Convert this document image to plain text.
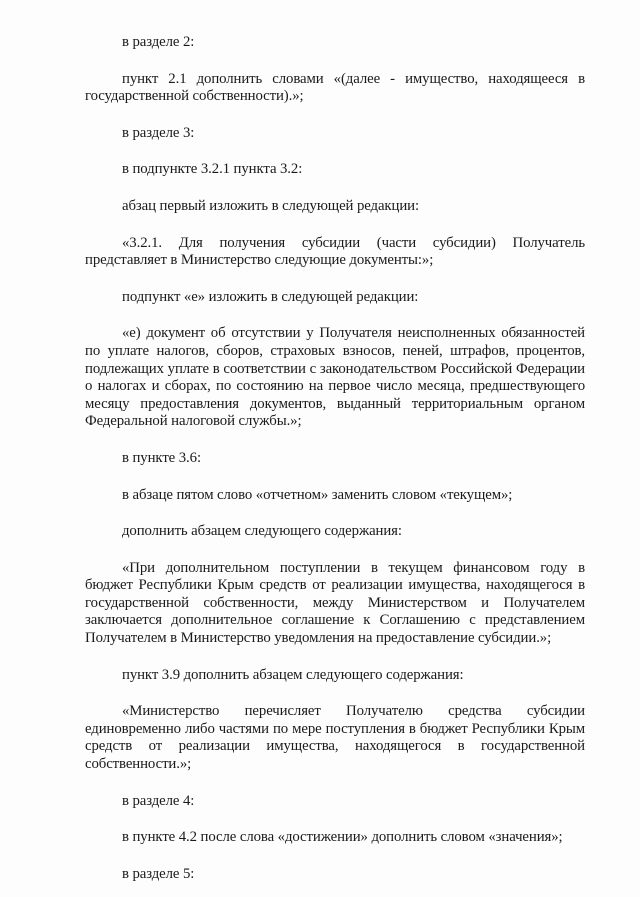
в разделе 2:

пункт 2.1 дополнить словами «(далее - имущество, находящееся в государственной собственности).»;

в разделе 3:

в подпункте 3.2.1 пункта 3.2:

абзац первый изложить в следующей редакции:

«3.2.1. Для получения субсидии (части субсидии) Получатель представляет в Министерство следующие документы:»;

подпункт «е» изложить в следующей редакции:

«е) документ об отсутствии у Получателя неисполненных обязанностей по уплате налогов, сборов, страховых взносов, пеней, штрафов, процентов, подлежащих уплате в соответствии с законодательством Российской Федерации о налогах и сборах, по состоянию на первое число месяца, предшествующего месяцу предоставления документов, выданный территориальным органом Федеральной налоговой службы.»;

в пункте 3.6:

в абзаце пятом слово «отчетном» заменить словом «текущем»;

дополнить абзацем следующего содержания:

«При дополнительном поступлении в текущем финансовом году в бюджет Республики Крым средств от реализации имущества, находящегося в государственной собственности, между Министерством и Получателем заключается дополнительное соглашение к Соглашению с представлением Получателем в Министерство уведомления на предоставление субсидии.»;

пункт 3.9 дополнить абзацем следующего содержания:

«Министерство перечисляет Получателю средства субсидии единовременно либо частями по мере поступления в бюджет Республики Крым средств от реализации имущества, находящегося в государственной собственности.»;

в разделе 4:

в пункте 4.2 после слова «достижении» дополнить словом «значения»;

в разделе 5:
